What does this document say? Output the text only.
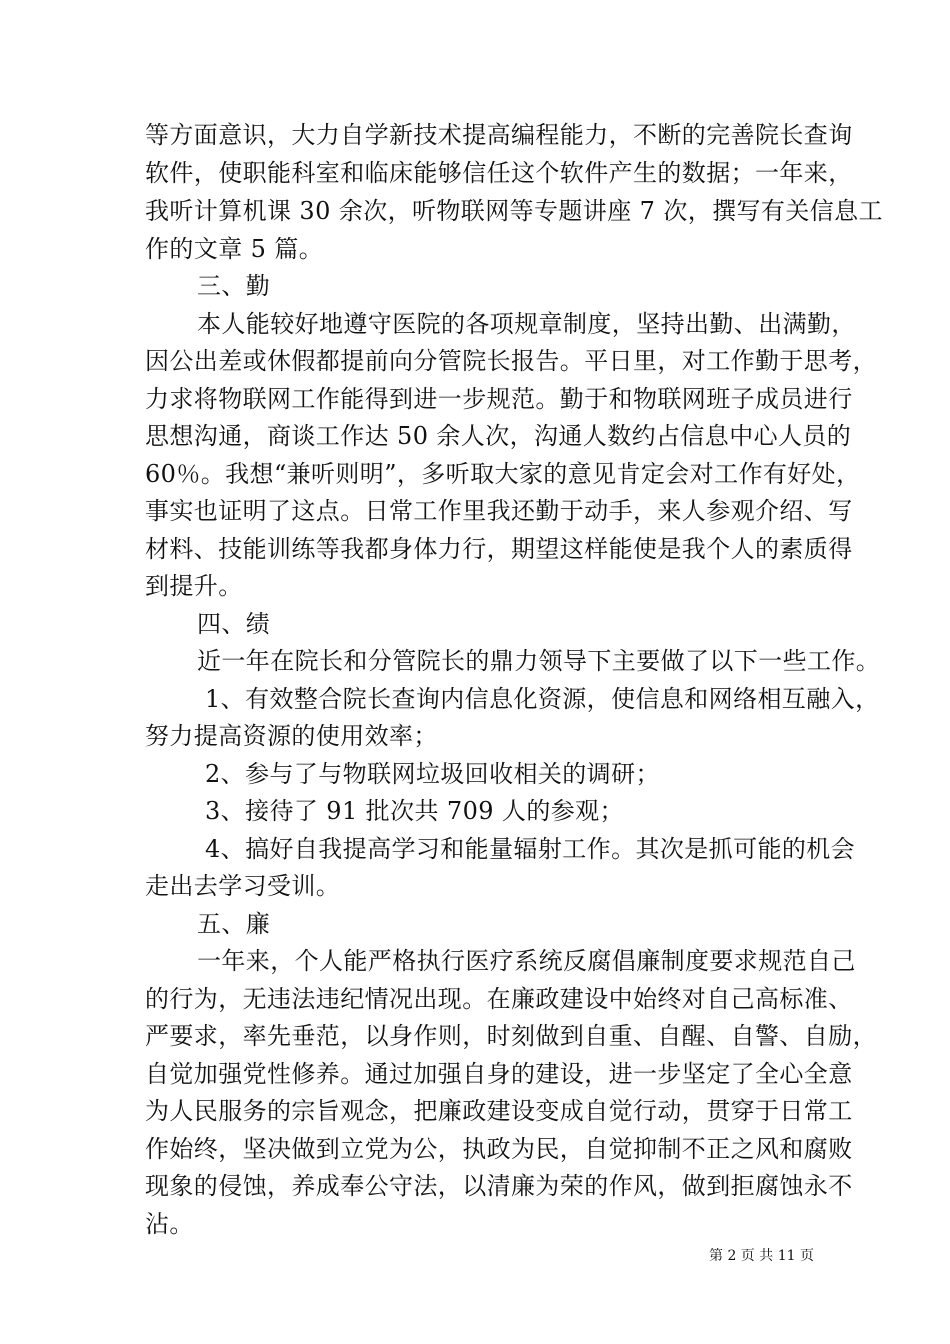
等方面意识，大力自学新技术提高编程能力，不断的完善院长查询
软件，使职能科室和临床能够信任这个软件产生的数据；一年来，
我听计算机课 30 余次，听物联网等专题讲座 7 次，撰写有关信息工
作的文章 5 篇。
三、勤
本人能较好地遵守医院的各项规章制度，坚持出勤、出满勤，
因公出差或休假都提前向分管院长报告。平日里，对工作勤于思考，
力求将物联网工作能得到进一步规范。勤于和物联网班子成员进行
思想沟通，商谈工作达 50 余人次，沟通人数约占信息中心人员的
60％。我想“兼听则明”，多听取大家的意见肯定会对工作有好处，
事实也证明了这点。日常工作里我还勤于动手，来人参观介绍、写
材料、技能训练等我都身体力行，期望这样能使是我个人的素质得
到提升。
四、绩
近一年在院长和分管院长的鼎力领导下主要做了以下一些工作。
1、有效整合院长查询内信息化资源，使信息和网络相互融入，
努力提高资源的使用效率；
2、参与了与物联网垃圾回收相关的调研；
3、接待了 91 批次共 709 人的参观；
4、搞好自我提高学习和能量辐射工作。其次是抓可能的机会
走出去学习受训。
五、廉
一年来，个人能严格执行医疗系统反腐倡廉制度要求规范自己
的行为，无违法违纪情况出现。在廉政建设中始终对自己高标准、
严要求，率先垂范，以身作则，时刻做到自重、自醒、自警、自励，
自觉加强党性修养。通过加强自身的建设，进一步坚定了全心全意
为人民服务的宗旨观念，把廉政建设变成自觉行动，贯穿于日常工
作始终，坚决做到立党为公，执政为民，自觉抑制不正之风和腐败
现象的侵蚀，养成奉公守法，以清廉为荣的作风，做到拒腐蚀永不
沾。
第 2 页 共 11 页
